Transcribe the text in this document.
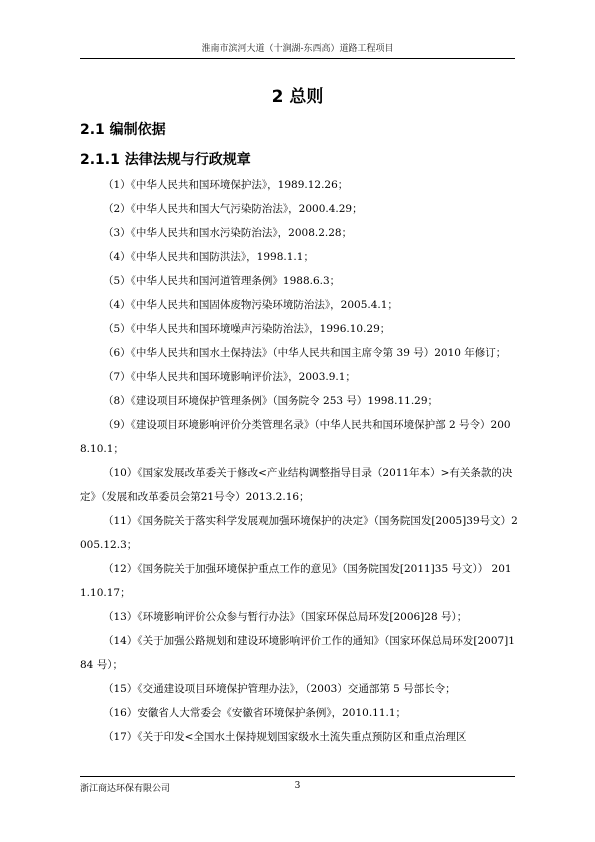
淮南市滨河大道（十涧湖-东西高）道路工程项目
2 总则
2.1 编制依据
2.1.1 法律法规与行政规章

（1）《中华人民共和国环境保护法》，1989.12.26；

（2）《中华人民共和国大气污染防治法》，2000.4.29；

（3）《中华人民共和国水污染防治法》，2008.2.28；

（4）《中华人民共和国防洪法》，1998.1.1；

（5）《中华人民共和国河道管理条例》1988.6.3；

（4）《中华人民共和国固体废物污染环境防治法》，2005.4.1；

（5）《中华人民共和国环境噪声污染防治法》，1996.10.29；

（6）《中华人民共和国水土保持法》（中华人民共和国主席令第 39 号）2010 年修订；

（7）《中华人民共和国环境影响评价法》，2003.9.1；

（8）《建设项目环境保护管理条例》（国务院令 253 号）1998.11.29；

（9）《建设项目环境影响评价分类管理名录》（中华人民共和国环境保护部 2 号令）2008.10.1；

（10）《国家发展改革委关于修改<产业结构调整指导目录（2011年本）>有关条款的决定》（发展和改革委员会第21号令）2013.2.16；

（11）《国务院关于落实科学发展观加强环境保护的决定》（国务院国发[2005]39号文）2005.12.3；

（12）《国务院关于加强环境保护重点工作的意见》（国务院国发[2011]35 号文）） 2011.10.17；

（13）《环境影响评价公众参与暂行办法》（国家环保总局环发[2006]28 号）；

（14）《关于加强公路规划和建设环境影响评价工作的通知》（国家环保总局环发[2007]184 号）；

（15）《交通建设项目环境保护管理办法》，（2003）交通部第 5 号部长令；

（16）安徽省人大常委会《安徽省环境保护条例》，2010.11.1；

（17）《关于印发<全国水土保持规划国家级水土流失重点预防区和重点治理区

浙江商达环保有限公司	3
